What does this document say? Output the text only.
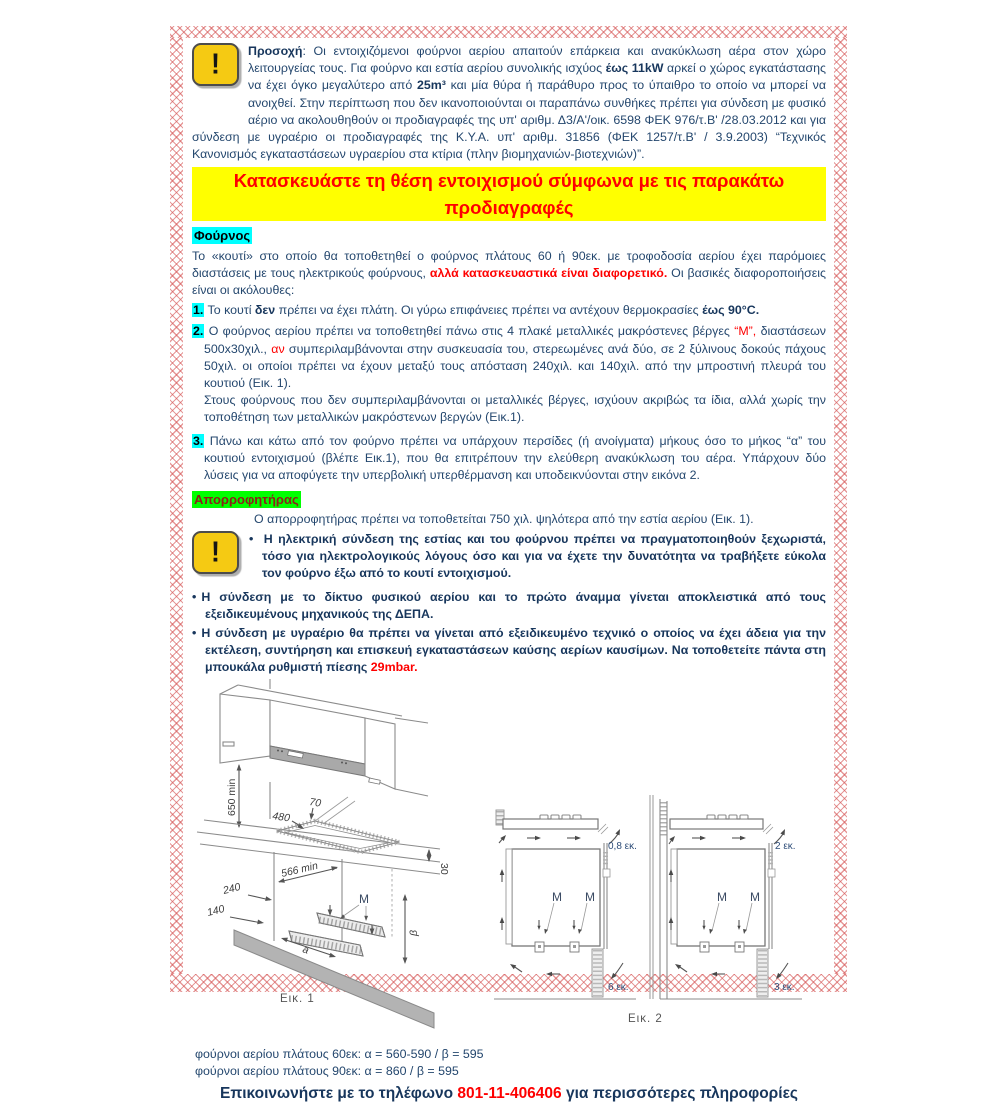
!	Προσοχή: Οι εντοιχιζόμενοι φούρνοι αερίου απαιτούν επάρκεια και ανακύκλωση αέρα στον χώρο λειτουργείας τους. Για φούρνο και εστία αερίου συνολικής ισχύος έως 11kW αρκεί ο χώρος εγκατάστασης να έχει όγκο μεγαλύτερο από 25m³ και μία θύρα ή παράθυρο προς το ύπαιθρο το οποίο να μπορεί να ανοιχθεί. Στην περίπτωση που δεν ικανοποιούνται οι παραπάνω συνθήκες πρέπει για σύνδεση με φυσικό αέριο να ακολουθηθούν οι προδιαγραφές της υπ' αριθμ. Δ3/Α'/οικ. 6598 ΦΕΚ 976/τ.Β' /28.03.2012 και για σύνδεση με υγραέριο οι προδιαγραφές της Κ.Υ.Α. υπ' αριθμ. 31856 (ΦΕΚ 1257/τ.Β' / 3.9.2003) “Τεχνικός Κανονισμός εγκαταστάσεων υγραερίου στα κτίρια (πλην βιομηχανιών-βιοτεχνιών)”.

Κατασκευάστε τη θέση εντοιχισμού σύμφωνα με τις παρακάτω προδιαγραφές
Φούρνος

Το «κουτί» στο οποίο θα τοποθετηθεί ο φούρνος πλάτους 60 ή 90εκ. με τροφοδοσία αερίου έχει παρόμοιες διαστάσεις με τους ηλεκτρικούς φούρνους, αλλά κατασκευαστικά είναι διαφορετικό. Οι βασικές διαφοροποιήσεις είναι οι ακόλουθες:

1. Το κουτί δεν πρέπει να έχει πλάτη. Οι γύρω επιφάνειες πρέπει να αντέχουν θερμοκρασίες έως 90°C.

2. Ο φούρνος αερίου πρέπει να τοποθετηθεί πάνω στις 4 πλακέ μεταλλικές μακρόστενες βέργες “Μ”, διαστάσεων 500x30χιλ., αν συμπεριλαμβάνονται στην συσκευασία του, στερεωμένες ανά δύο, σε 2 ξύλινους δοκούς πάχους 50χιλ. οι οποίοι πρέπει να έχουν μεταξύ τους απόσταση 240χιλ. και 140χιλ. από την μπροστινή πλευρά του κουτιού (Εικ. 1).

Στους φούρνους που δεν συμπεριλαμβάνονται οι μεταλλικές βέργες, ισχύουν ακριβώς τα ίδια, αλλά χωρίς την τοποθέτηση των μεταλλικών μακρόστενων βεργών (Εικ.1).

3. Πάνω και κάτω από τον φούρνο πρέπει να υπάρχουν περσίδες (ή ανοίγματα) μήκους όσο το μήκος “α” του κουτιού εντοιχισμού (βλέπε Εικ.1), που θα επιτρέπουν την ελεύθερη ανακύκλωση του αέρα. Υπάρχουν δύο λύσεις για να αποφύγετε την υπερβολική υπερθέρμανση και υποδεικνύονται στην εικόνα 2.

Απορροφητήρας

Ο απορροφητήρας πρέπει να τοποθετείται 750 χιλ. ψηλότερα από την εστία αερίου (Εικ. 1).

!	• Η ηλεκτρική σύνδεση της εστίας και του φούρνου πρέπει να πραγματοποιηθούν ξεχωριστά, τόσο για ηλεκτρολογικούς λόγους όσο και για να έχετε την δυνατότητα να τραβήξετε εύκολα τον φούρνο έξω από το κουτί εντοιχισμού.

• Η σύνδεση με το δίκτυο φυσικού αερίου και το πρώτο άναμμα γίνεται αποκλειστικά από τους εξειδικευμένους μηχανικούς της ΔΕΠΑ.

• Η σύνδεση με υγραέριο θα πρέπει να γίνεται από εξειδικευμένο τεχνικό ο οποίος να έχει άδεια για την εκτέλεση, συντήρηση και επισκευή εγκαταστάσεων καύσης αερίων καυσίμων. Να τοποθετείτε πάντα στη μπουκάλα ρυθμιστή πίεσης 29mbar.

650 min	70
480
30
566 min
240
140
M
a
β
Εικ. 1
M M
0,8 εκ.
6 εκ.
M M
2 εκ.
3 εκ.
Εικ. 2

φούρνοι αερίου πλάτους 60εκ: α = 560-590 / β = 595

φούρνοι αερίου πλάτους 90εκ: α = 860 / β = 595

Επικοινωνήστε με το τηλέφωνο 801-11-406406 για περισσότερες πληροφορίες
